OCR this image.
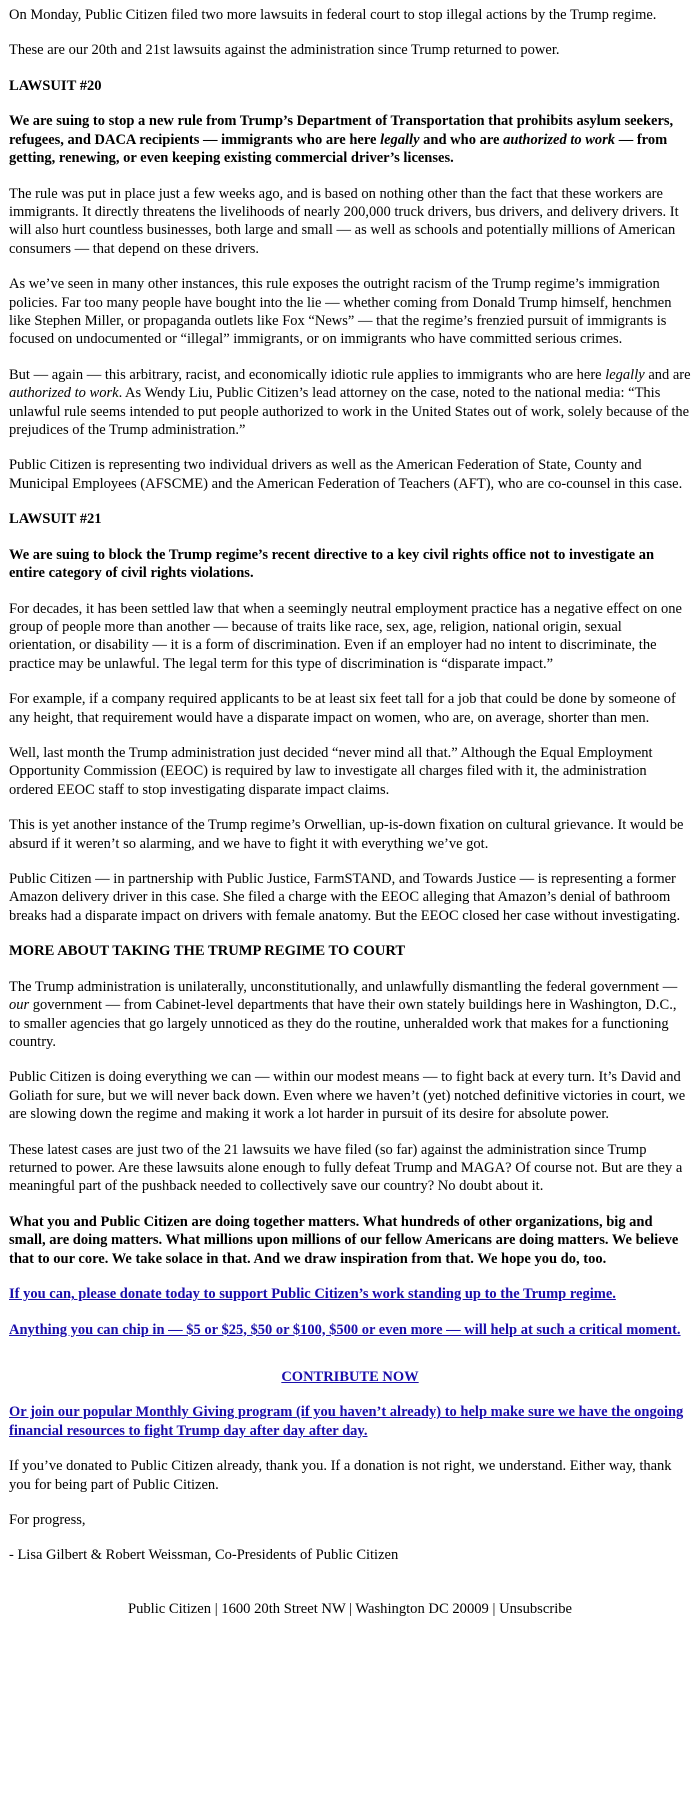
On Monday, Public Citizen filed two more lawsuits in federal court to stop illegal actions by the Trump regime.

These are our 20th and 21st lawsuits against the administration since Trump returned to power.

LAWSUIT #20

We are suing to stop a new rule from Trump’s Department of Transportation that prohibits asylum seekers, refugees, and DACA recipients — immigrants who are here legally and who are authorized to work — from getting, renewing, or even keeping existing commercial driver’s licenses.

The rule was put in place just a few weeks ago, and is based on nothing other than the fact that these workers are immigrants. It directly threatens the livelihoods of nearly 200,000 truck drivers, bus drivers, and delivery drivers. It will also hurt countless businesses, both large and small — as well as schools and potentially millions of American consumers — that depend on these drivers.

As we’ve seen in many other instances, this rule exposes the outright racism of the Trump regime’s immigration policies. Far too many people have bought into the lie — whether coming from Donald Trump himself, henchmen like Stephen Miller, or propaganda outlets like Fox “News” — that the regime’s frenzied pursuit of immigrants is focused on undocumented or “illegal” immigrants, or on immigrants who have committed serious crimes.

But — again — this arbitrary, racist, and economically idiotic rule applies to immigrants who are here legally and are authorized to work. As Wendy Liu, Public Citizen’s lead attorney on the case, noted to the national media: “This unlawful rule seems intended to put people authorized to work in the United States out of work, solely because of the prejudices of the Trump administration.”

Public Citizen is representing two individual drivers as well as the American Federation of State, County and Municipal Employees (AFSCME) and the American Federation of Teachers (AFT), who are co-counsel in this case.

LAWSUIT #21

We are suing to block the Trump regime’s recent directive to a key civil rights office not to investigate an entire category of civil rights violations.

For decades, it has been settled law that when a seemingly neutral employment practice has a negative effect on one group of people more than another — because of traits like race, sex, age, religion, national origin, sexual orientation, or disability — it is a form of discrimination. Even if an employer had no intent to discriminate, the practice may be unlawful. The legal term for this type of discrimination is “disparate impact.”

For example, if a company required applicants to be at least six feet tall for a job that could be done by someone of any height, that requirement would have a disparate impact on women, who are, on average, shorter than men.

Well, last month the Trump administration just decided “never mind all that.” Although the Equal Employment Opportunity Commission (EEOC) is required by law to investigate all charges filed with it, the administration ordered EEOC staff to stop investigating disparate impact claims.

This is yet another instance of the Trump regime’s Orwellian, up-is-down fixation on cultural grievance. It would be absurd if it weren’t so alarming, and we have to fight it with everything we’ve got.

Public Citizen — in partnership with Public Justice, FarmSTAND, and Towards Justice — is representing a former Amazon delivery driver in this case. She filed a charge with the EEOC alleging that Amazon’s denial of bathroom breaks had a disparate impact on drivers with female anatomy. But the EEOC closed her case without investigating.

MORE ABOUT TAKING THE TRUMP REGIME TO COURT

The Trump administration is unilaterally, unconstitutionally, and unlawfully dismantling the federal government — our government — from Cabinet-level departments that have their own stately buildings here in Washington, D.C., to smaller agencies that go largely unnoticed as they do the routine, unheralded work that makes for a functioning country.

Public Citizen is doing everything we can — within our modest means — to fight back at every turn. It’s David and Goliath for sure, but we will never back down. Even where we haven’t (yet) notched definitive victories in court, we are slowing down the regime and making it work a lot harder in pursuit of its desire for absolute power.

These latest cases are just two of the 21 lawsuits we have filed (so far) against the administration since Trump returned to power. Are these lawsuits alone enough to fully defeat Trump and MAGA? Of course not. But are they a meaningful part of the pushback needed to collectively save our country? No doubt about it.

What you and Public Citizen are doing together matters. What hundreds of other organizations, big and small, are doing matters. What millions upon millions of our fellow Americans are doing matters. We believe that to our core. We take solace in that. And we draw inspiration from that. We hope you do, too.

If you can, please donate today to support Public Citizen’s work standing up to the Trump regime.

Anything you can chip in — $5 or $25, $50 or $100, $500 or even more — will help at such a critical moment.

CONTRIBUTE NOW

Or join our popular Monthly Giving program (if you haven’t already) to help make sure we have the ongoing financial resources to fight Trump day after day after day.

If you’ve donated to Public Citizen already, thank you. If a donation is not right, we understand. Either way, thank you for being part of Public Citizen.

For progress,

- Lisa Gilbert & Robert Weissman, Co-Presidents of Public Citizen

Public Citizen | 1600 20th Street NW | Washington DC 20009 | Unsubscribe
